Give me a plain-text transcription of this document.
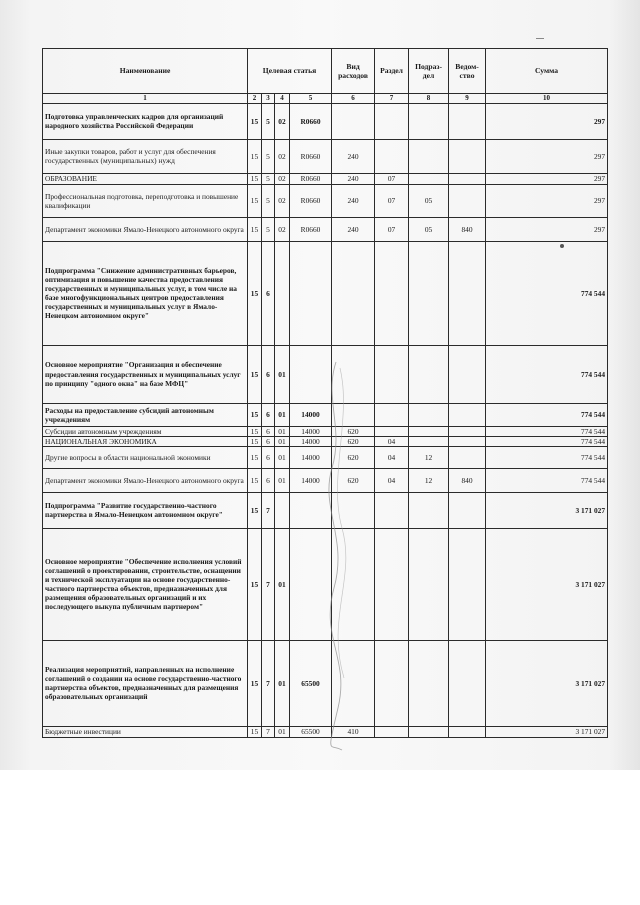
Наименование	Целевая статья				Вид расходов	Раздел	Подраз-дел	Ведом-ство	Сумма
1	2	3	4	5	6	7	8	9	10
Подготовка управленческих кадров для организаций народного хозяйства Российской Федерации	15	5	02	R0660					297
Иные закупки товаров, работ и услуг для обеспечения государственных (муниципальных) нужд	15	5	02	R0660	240				297
ОБРАЗОВАНИЕ	15	5	02	R0660	240	07			297
Профессиональная подготовка, переподготовка и повышение квалификации	15	5	02	R0660	240	07	05		297
Департамент экономики Ямало-Ненецкого автономного округа	15	5	02	R0660	240	07	05	840	297
Подпрограмма "Снижение административных барьеров, оптимизация и повышение качества предоставления государственных и муниципальных услуг, в том числе на базе многофункциональных центров предоставления государственных и муниципальных услуг в Ямало-Ненецком автономном округе"	15	6							774 544
Основное мероприятие "Организация и обеспечение предоставления государственных и муниципальных услуг по принципу "одного окна" на базе МФЦ"	15	6	01						774 544
Расходы на предоставление субсидий автономным учреждениям	15	6	01	14000					774 544
Субсидии автономным учреждениям	15	6	01	14000	620				774 544
НАЦИОНАЛЬНАЯ ЭКОНОМИКА	15	6	01	14000	620	04			774 544
Другие вопросы в области национальной экономики	15	6	01	14000	620	04	12		774 544
Департамент экономики Ямало-Ненецкого автономного округа	15	6	01	14000	620	04	12	840	774 544
Подпрограмма "Развитие государственно-частного партнерства в Ямало-Ненецком автономном округе"	15	7							3 171 027
Основное мероприятие "Обеспечение исполнения условий соглашений о проектировании, строительстве, оснащении и технической эксплуатации на основе государственно-частного партнерства объектов, предназначенных для размещения образовательных организаций и их последующего выкупа публичным партнером"	15	7	01						3 171 027
Реализация мероприятий, направленных на исполнение соглашений о создании на основе государственно-частного партнерства объектов, предназначенных для размещения образовательных организаций	15	7	01	65500					3 171 027
Бюджетные инвестиции	15	7	01	65500	410				3 171 027
